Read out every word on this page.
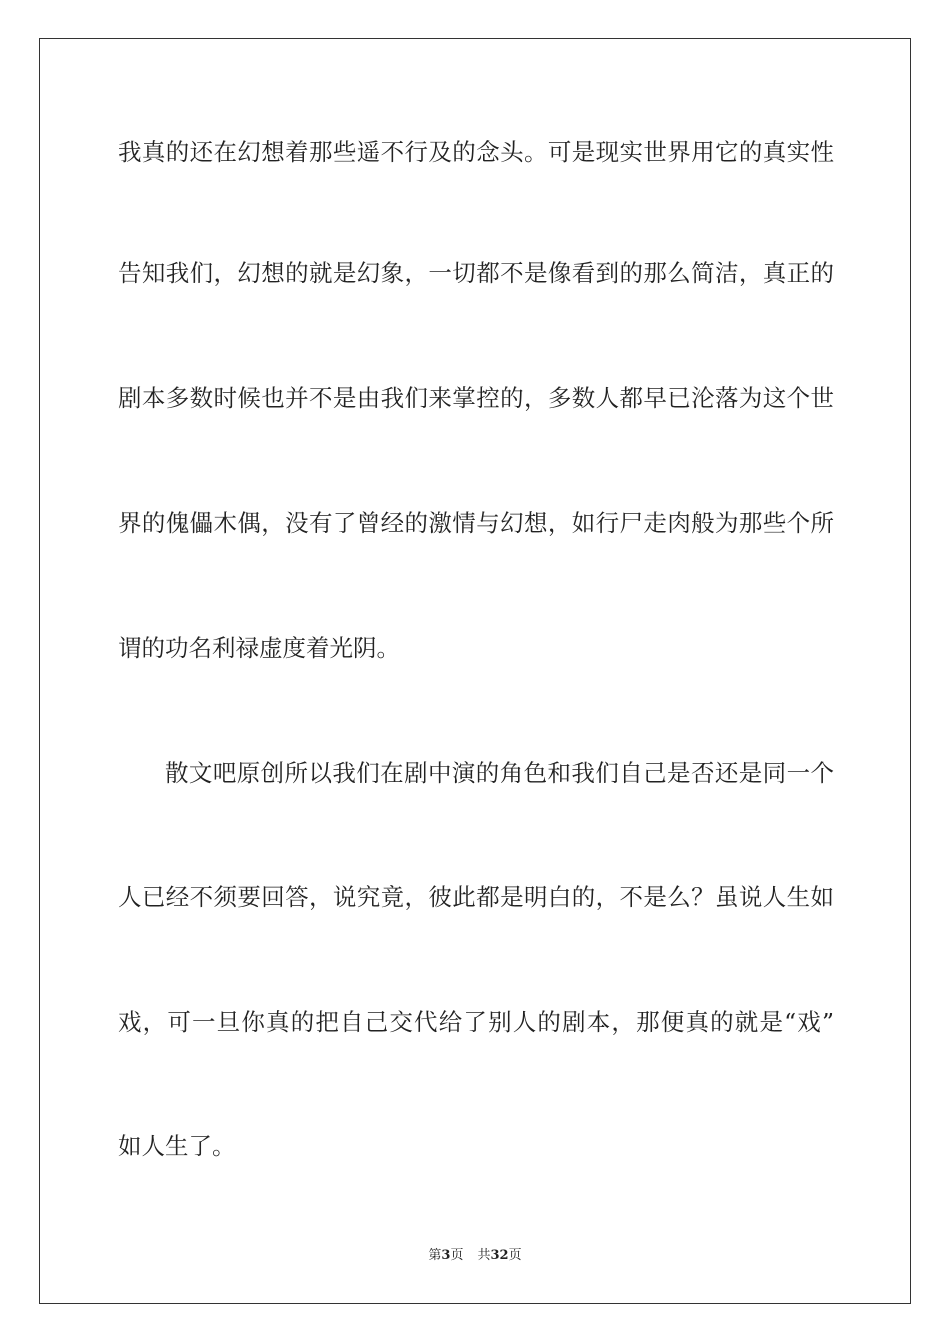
我真的还在幻想着那些遥不行及的念头。可是现实世界用它的真实性
告知我们，幻想的就是幻象，一切都不是像看到的那么简洁，真正的
剧本多数时候也并不是由我们来掌控的，多数人都早已沦落为这个世
界的傀儡木偶，没有了曾经的激情与幻想，如行尸走肉般为那些个所
谓的功名利禄虚度着光阴。
散文吧原创所以我们在剧中演的角色和我们自己是否还是同一个
人已经不须要回答，说究竟，彼此都是明白的，不是么？虽说人生如
戏，可一旦你真的把自己交代给了别人的剧本，那便真的就是“戏”
如人生了。
第3页 共32页
